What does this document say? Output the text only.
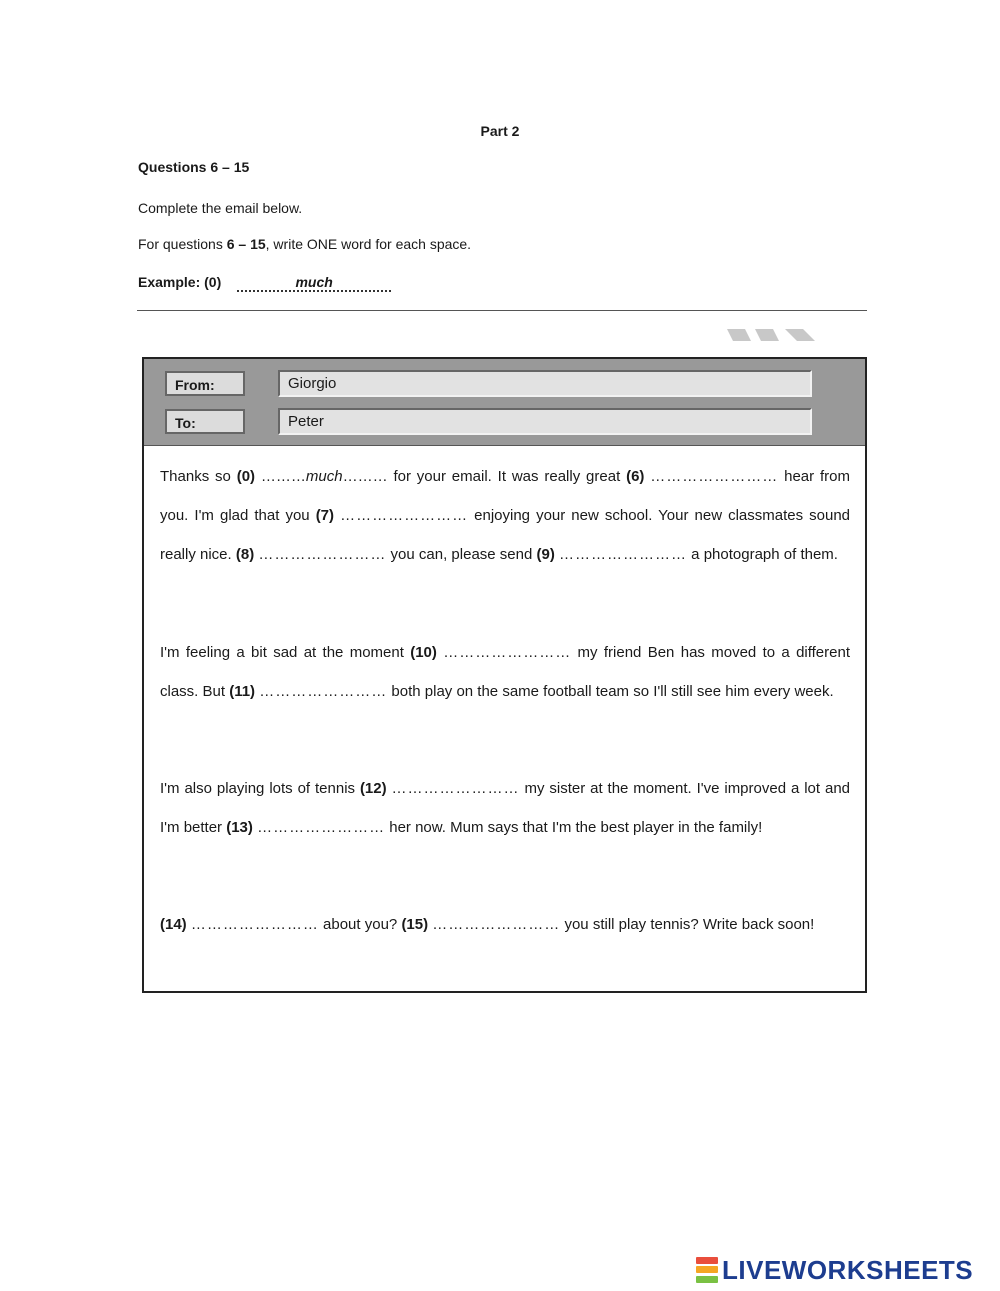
Part 2
Questions 6 – 15
Complete the email below.
For questions 6 – 15, write ONE word for each space.
Example: (0)	much
From:	Giorgio
To:	Peter
Thanks so (0) ………much……… for your email. It was really great (6) …………………… hear from you. I'm glad that you (7) …………………… enjoying your new school. Your new classmates sound really nice. (8) …………………… you can, please send (9) …………………… a photograph of them.
I'm feeling a bit sad at the moment (10) …………………… my friend Ben has moved to a different class. But (11) …………………… both play on the same football team so I'll still see him every week.
I'm also playing lots of tennis (12) …………………… my sister at the moment. I've improved a lot and I'm better (13) …………………… her now. Mum says that I'm the best player in the family!
(14) …………………… about you? (15) …………………… you still play tennis? Write back soon!
LIVEWORKSHEETS
